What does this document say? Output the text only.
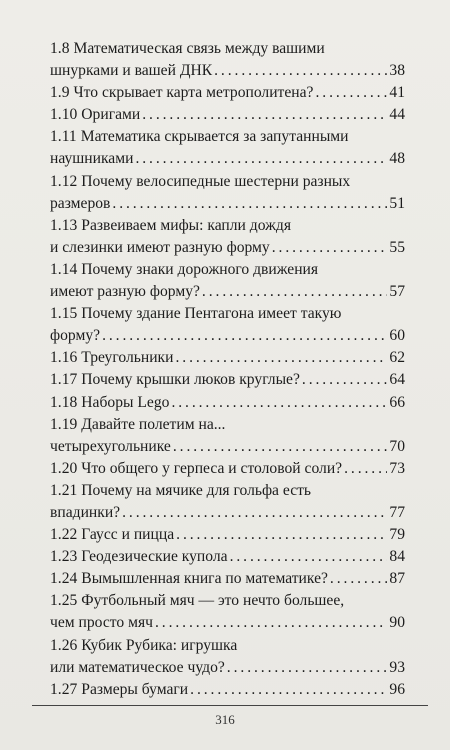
1.8 Математическая связь между вашими
шнурками и вашей ДНК . . .	38
1.9 Что скрывает карта метрополитена? . . .	41
1.10 Оригами . . .	44
1.11 Математика скрывается за запутанными
наушниками . . .	48
1.12 Почему велосипедные шестерни разных
размеров . . .	51
1.13 Развеиваем мифы: капли дождя
и слезинки имеют разную форму . . .	55
1.14 Почему знаки дорожного движения
имеют разную форму? . . .	57
1.15 Почему здание Пентагона имеет такую
форму? . . .	60
1.16 Треугольники . . .	62
1.17 Почему крышки люков круглые? . . .	64
1.18 Наборы Lego . . .	66
1.19 Давайте полетим на...
четырехугольнике . . .	70
1.20 Что общего у герпеса и столовой соли? . . .	73
1.21 Почему на мячике для гольфа есть
впадинки? . . .	77
1.22 Гаусс и пицца . . .	79
1.23 Геодезические купола . . .	84
1.24 Вымышленная книга по математике? . . .	87
1.25 Футбольный мяч — это нечто большее,
чем просто мяч . . .	90
1.26 Кубик Рубика: игрушка
или математическое чудо? . . .	93
1.27 Размеры бумаги . . .	96
316
